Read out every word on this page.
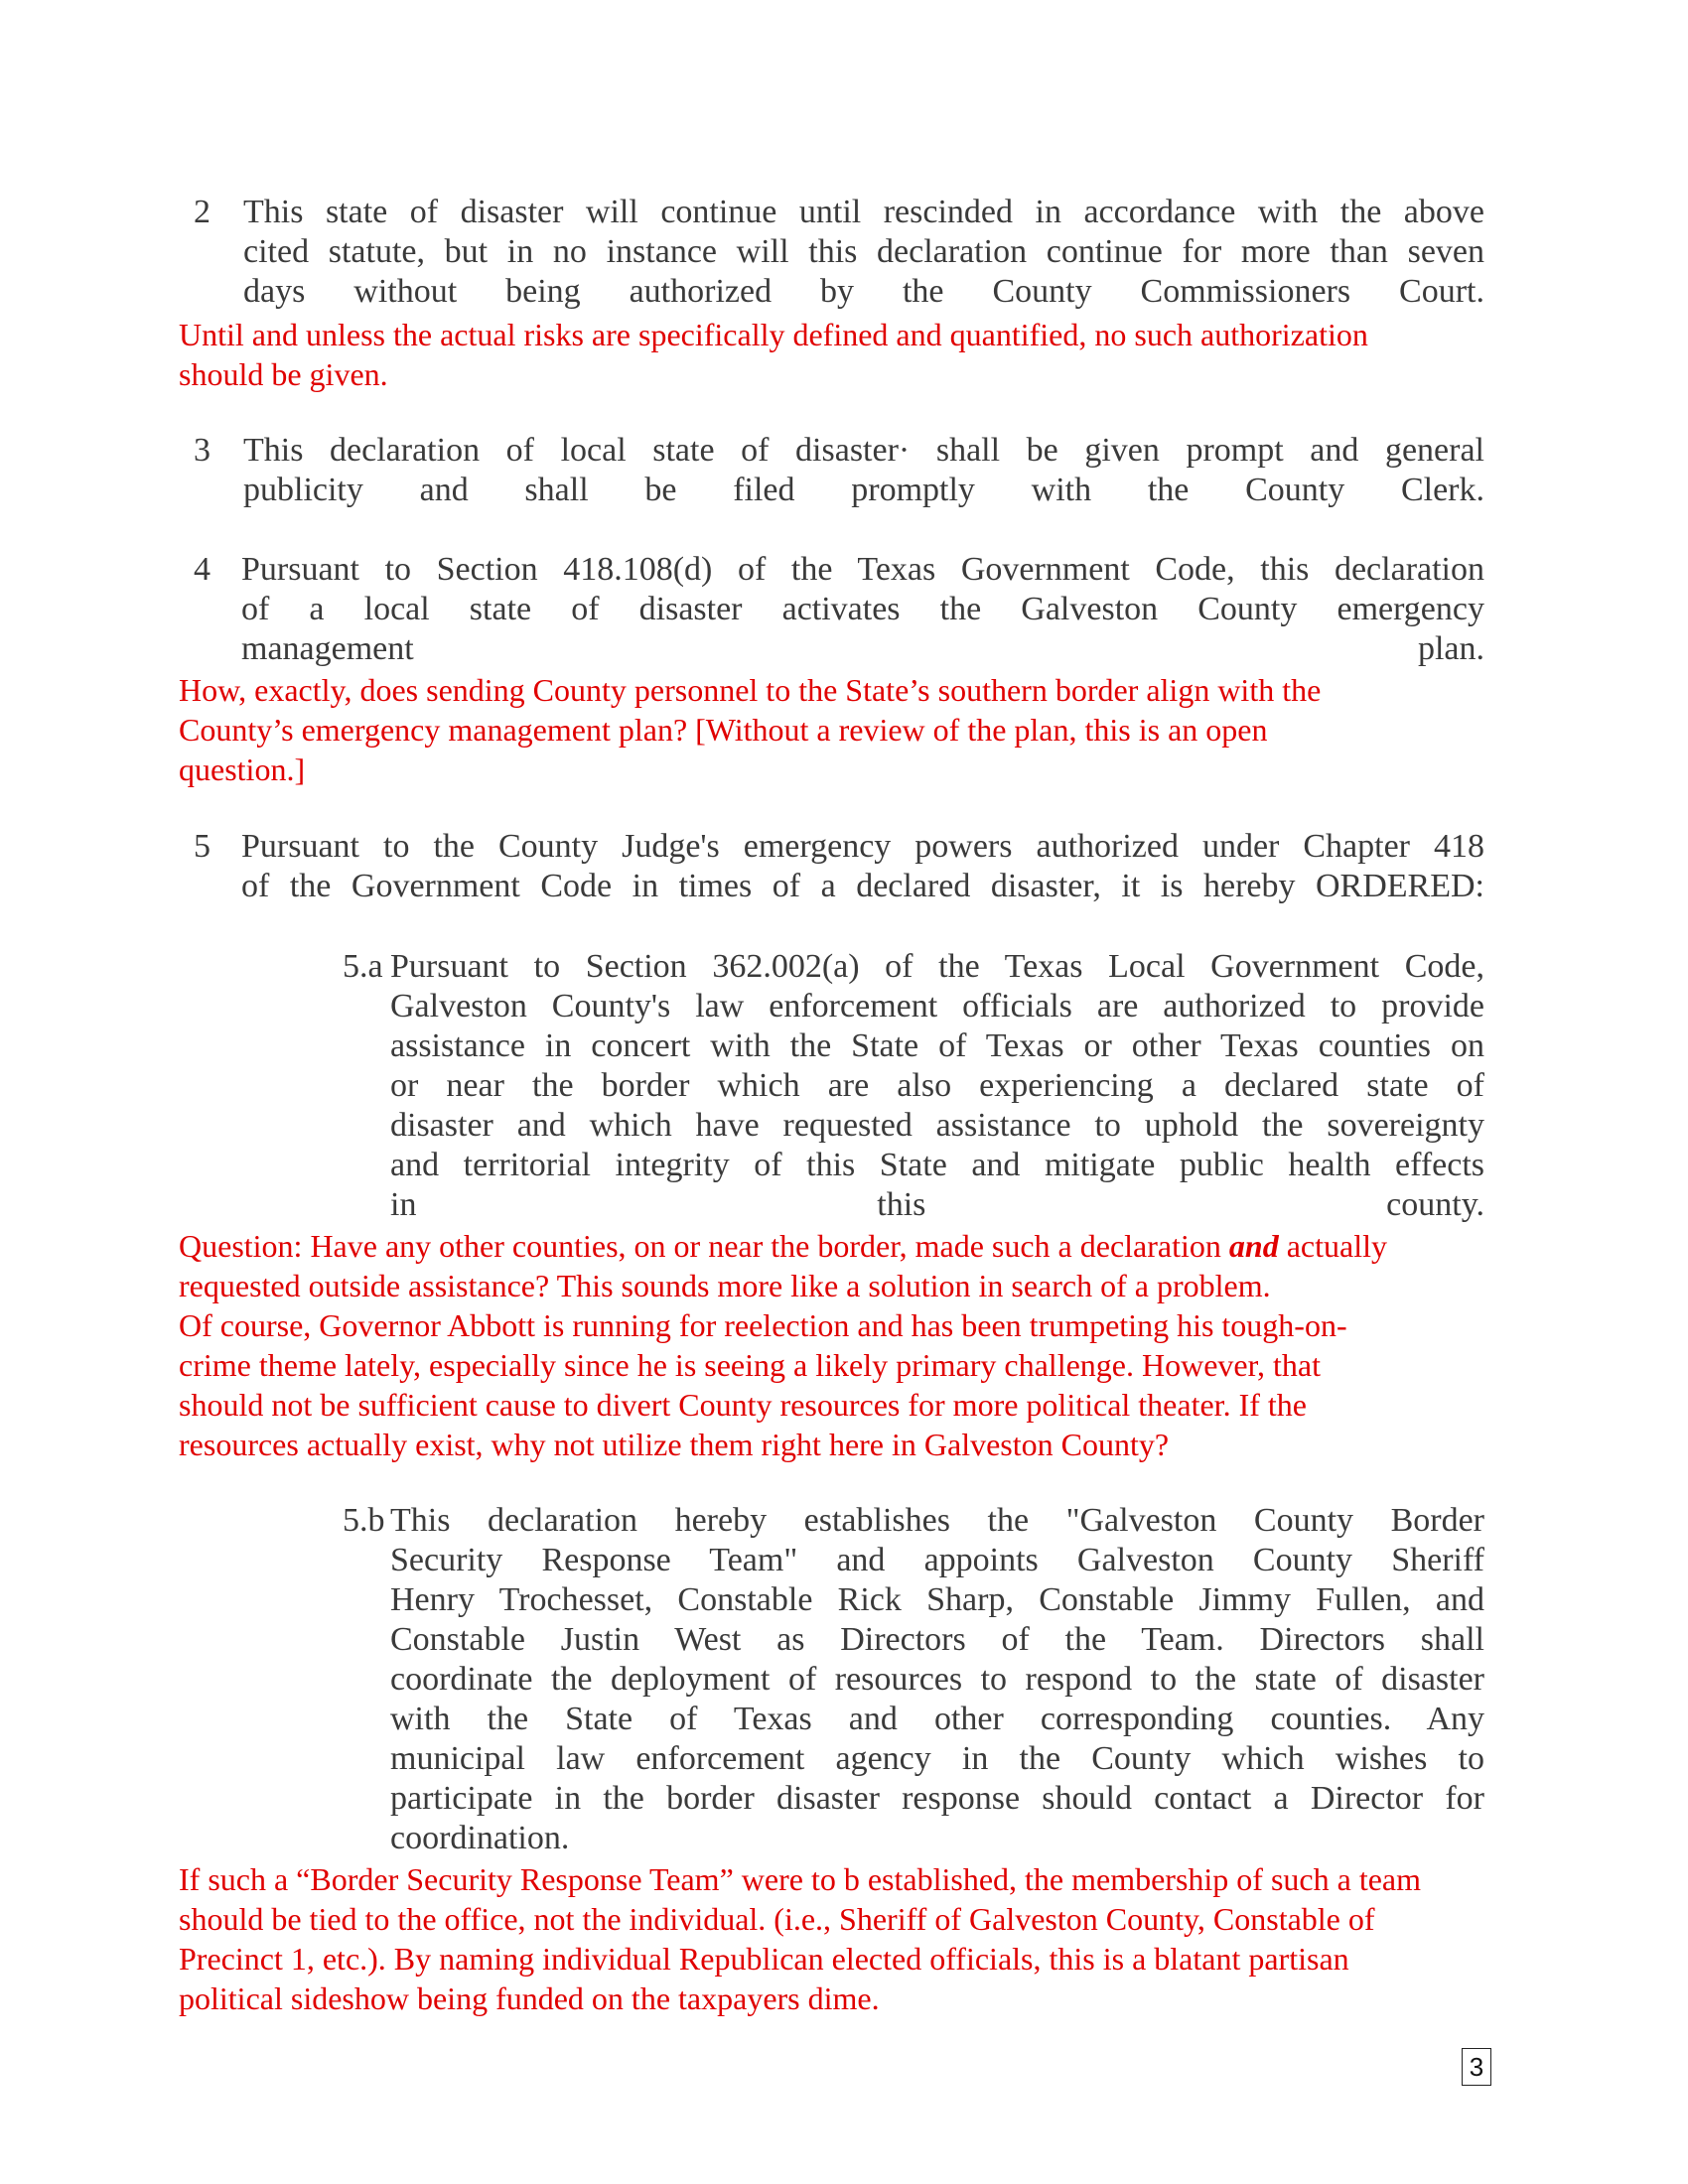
2 This state of disaster will continue until rescinded in accordance with the above
cited statute, but in no instance will this declaration continue for more than seven
days without being authorized by the County Commissioners Court.
Until and unless the actual risks are specifically defined and quantified, no such authorization
should be given.
3 This declaration of local state of disaster· shall be given prompt and general
publicity and shall be filed promptly with the County Clerk.
4 Pursuant to Section 418.108(d) of the Texas Government Code, this declaration
of a local state of disaster activates the Galveston County emergency
management plan.
How, exactly, does sending County personnel to the State’s southern border align with the
County’s emergency management plan? [Without a review of the plan, this is an open
question.]
5 Pursuant to the County Judge's emergency powers authorized under Chapter 418
of the Government Code in times of a declared disaster, it is hereby ORDERED:
5.a Pursuant to Section 362.002(a) of the Texas Local Government Code,
Galveston County's law enforcement officials are authorized to provide
assistance in concert with the State of Texas or other Texas counties on
or near the border which are also experiencing a declared state of
disaster and which have requested assistance to uphold the sovereignty
and territorial integrity of this State and mitigate public health effects
in this county.
Question: Have any other counties, on or near the border, made such a declaration and actually
requested outside assistance? This sounds more like a solution in search of a problem.
Of course, Governor Abbott is running for reelection and has been trumpeting his tough-on-
crime theme lately, especially since he is seeing a likely primary challenge. However, that
should not be sufficient cause to divert County resources for more political theater. If the
resources actually exist, why not utilize them right here in Galveston County?
5.b This declaration hereby establishes the "Galveston County Border
Security Response Team" and appoints Galveston County Sheriff
Henry Trochesset, Constable Rick Sharp, Constable Jimmy Fullen, and
Constable Justin West as Directors of the Team. Directors shall
coordinate the deployment of resources to respond to the state of disaster
with the State of Texas and other corresponding counties. Any
municipal law enforcement agency in the County which wishes to
participate in the border disaster response should contact a Director for
coordination.
If such a “Border Security Response Team” were to b established, the membership of such a team
should be tied to the office, not the individual. (i.e., Sheriff of Galveston County, Constable of
Precinct 1, etc.). By naming individual Republican elected officials, this is a blatant partisan
political sideshow being funded on the taxpayers dime.
3
